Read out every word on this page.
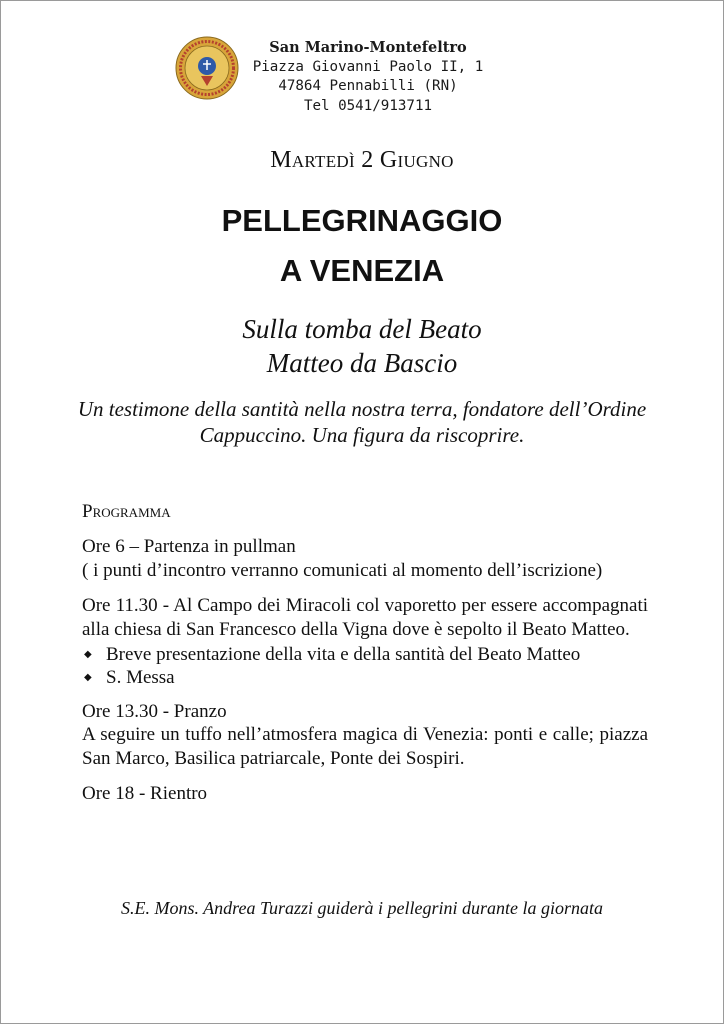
San Marino-Montefeltro
Piazza Giovanni Paolo II, 1
47864 Pennabilli (RN)
Tel 0541/913711
Martedì 2 Giugno
PELLEGRINAGGIO
A VENEZIA
Sulla tomba del Beato
Matteo da Bascio
Un testimone della santità nella nostra terra, fondatore dell’Ordine Cappuccino. Una figura da riscoprire.
Programma

Ore 6 – Partenza in pullman
( i punti d’incontro verranno comunicati al momento dell’iscrizione)

Ore 11.30 - Al Campo dei Miracoli col vaporetto per essere accompagnati alla chiesa di San Francesco della Vigna dove è sepolto il Beato Matteo.

◆ Breve presentazione della vita e della santità del Beato Matteo
◆ S. Messa

Ore 13.30 - Pranzo
A seguire un tuffo nell’atmosfera magica di Venezia: ponti e calle; piazza San Marco, Basilica patriarcale, Ponte dei Sospiri.

Ore 18 - Rientro

S.E. Mons. Andrea Turazzi guiderà i pellegrini durante la giornata
